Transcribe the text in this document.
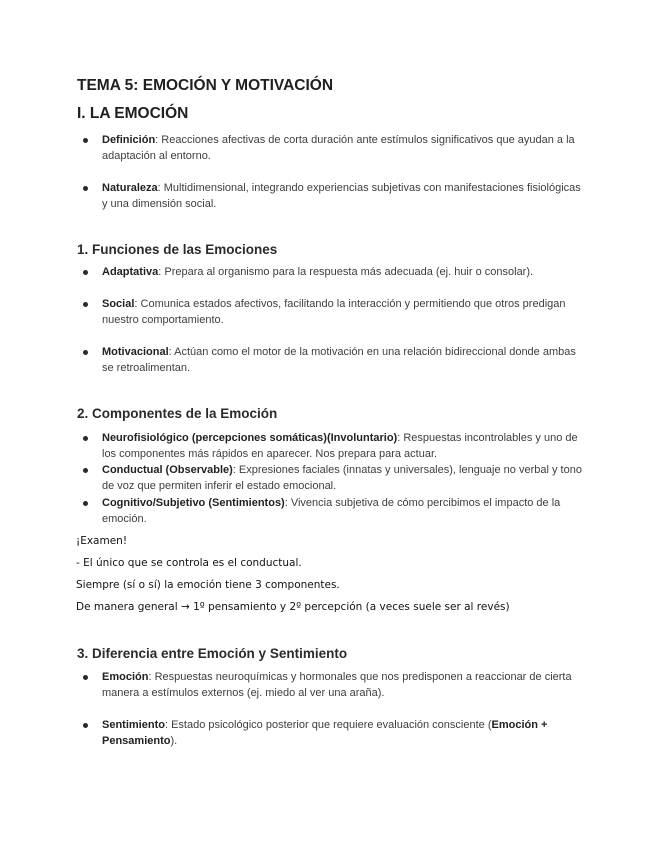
TEMA 5: EMOCIÓN Y MOTIVACIÓN
I. LA EMOCIÓN
Definición: Reacciones afectivas de corta duración ante estímulos significativos que ayudan a la adaptación al entorno.
Naturaleza: Multidimensional, integrando experiencias subjetivas con manifestaciones fisiológicas y una dimensión social.
1. Funciones de las Emociones
Adaptativa: Prepara al organismo para la respuesta más adecuada (ej. huir o consolar).
Social: Comunica estados afectivos, facilitando la interacción y permitiendo que otros predigan nuestro comportamiento.
Motivacional: Actúan como el motor de la motivación en una relación bidireccional donde ambas se retroalimentan.
2. Componentes de la Emoción
Neurofisiológico (percepciones somáticas)(Involuntario): Respuestas incontrolables y uno de los componentes más rápidos en aparecer. Nos prepara para actuar.
Conductual (Observable): Expresiones faciales (innatas y universales), lenguaje no verbal y tono de voz que permiten inferir el estado emocional.
Cognitivo/Subjetivo (Sentimientos): Vivencia subjetiva de cómo percibimos el impacto de la emoción.
¡Examen!
- El único que se controla es el conductual.
Siempre (sí o sí) la emoción tiene 3 componentes.
De manera general → 1º pensamiento y 2º percepción (a veces suele ser al revés)
3. Diferencia entre Emoción y Sentimiento
Emoción: Respuestas neuroquímicas y hormonales que nos predisponen a reaccionar de cierta manera a estímulos externos (ej. miedo al ver una araña).
Sentimiento: Estado psicológico posterior que requiere evaluación consciente (Emoción + Pensamiento).
